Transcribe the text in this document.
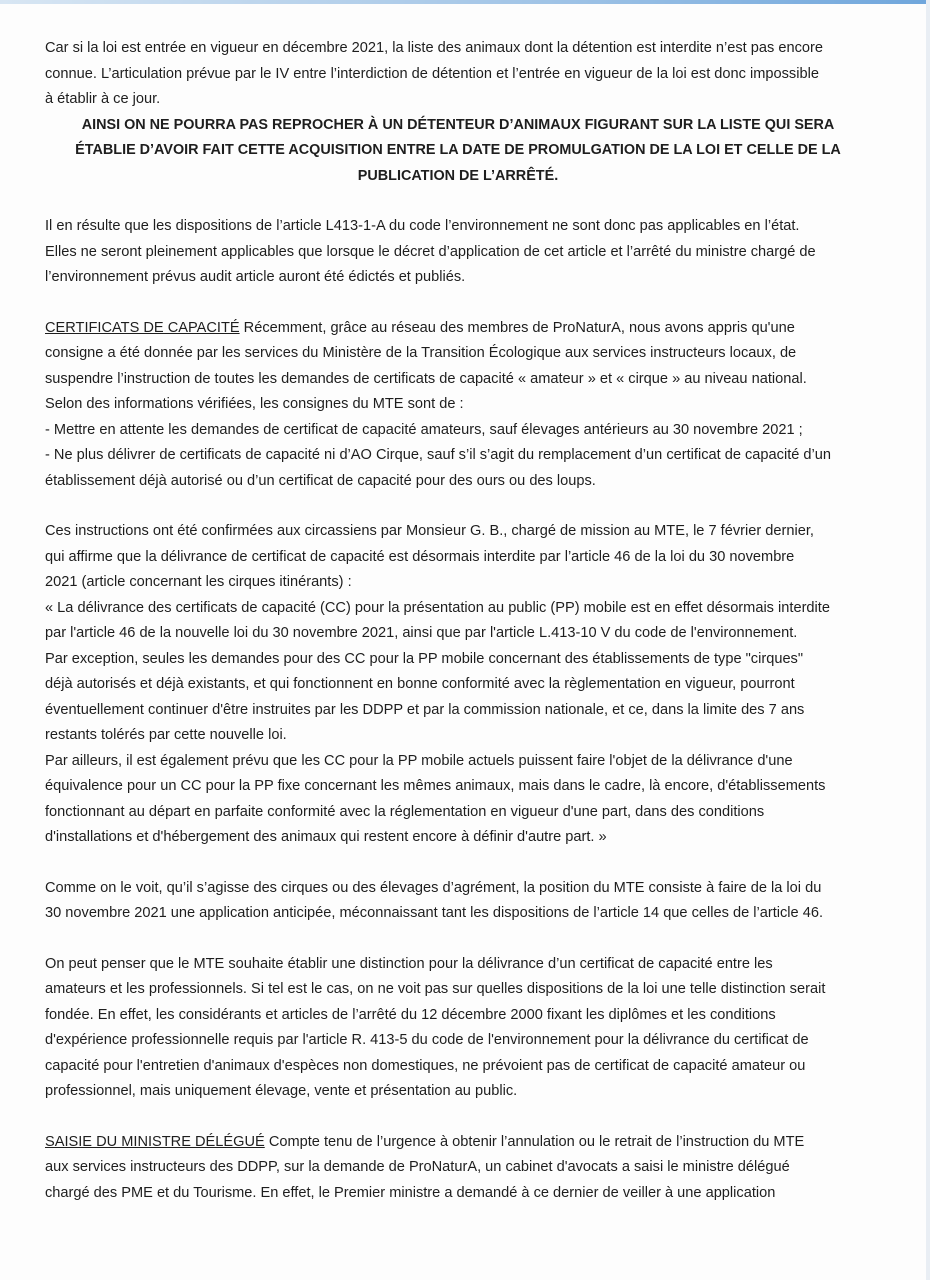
Car si la loi est entrée en vigueur en décembre 2021, la liste des animaux dont la détention est interdite n’est pas encore
connue. L’articulation prévue par le IV entre l’interdiction de détention et l’entrée en vigueur de la loi est donc impossible
à établir à ce jour.

AINSI ON NE POURRA PAS REPROCHER À UN DÉTENTEUR D’ANIMAUX FIGURANT SUR LA LISTE QUI SERA
ÉTABLIE D’AVOIR FAIT CETTE ACQUISITION ENTRE LA DATE DE PROMULGATION DE LA LOI ET CELLE DE LA
PUBLICATION DE L’ARRÊTÉ.

Il en résulte que les dispositions de l’article L413-1-A du code l’environnement ne sont donc pas applicables en l’état.
Elles ne seront pleinement applicables que lorsque le décret d’application de cet article et l’arrêté du ministre chargé de
l’environnement prévus audit article auront été édictés et publiés.

CERTIFICATS DE CAPACITÉ Récemment, grâce au réseau des membres de ProNaturA, nous avons appris qu'une
consigne a été donnée par les services du Ministère de la Transition Écologique aux services instructeurs locaux, de
suspendre l’instruction de toutes les demandes de certificats de capacité « amateur » et « cirque » au niveau national.
Selon des informations vérifiées, les consignes du MTE sont de :
- Mettre en attente les demandes de certificat de capacité amateurs, sauf élevages antérieurs au 30 novembre 2021 ;
- Ne plus délivrer de certificats de capacité ni d’AO Cirque, sauf s’il s’agit du remplacement d’un certificat de capacité d’un
établissement déjà autorisé ou d’un certificat de capacité pour des ours ou des loups.

Ces instructions ont été confirmées aux circassiens par Monsieur G. B., chargé de mission au MTE, le 7 février dernier,
qui affirme que la délivrance de certificat de capacité est désormais interdite par l’article 46 de la loi du 30 novembre
2021 (article concernant les cirques itinérants) :
« La délivrance des certificats de capacité (CC) pour la présentation au public (PP) mobile est en effet désormais interdite
par l'article 46 de la nouvelle loi du 30 novembre 2021, ainsi que par l'article L.413-10 V du code de l'environnement.
Par exception, seules les demandes pour des CC pour la PP mobile concernant des établissements de type "cirques"
déjà autorisés et déjà existants, et qui fonctionnent en bonne conformité avec la règlementation en vigueur, pourront
éventuellement continuer d'être instruites par les DDPP et par la commission nationale, et ce, dans la limite des 7 ans
restants tolérés par cette nouvelle loi.
Par ailleurs, il est également prévu que les CC pour la PP mobile actuels puissent faire l'objet de la délivrance d'une
équivalence pour un CC pour la PP fixe concernant les mêmes animaux, mais dans le cadre, là encore, d'établissements
fonctionnant au départ en parfaite conformité avec la réglementation en vigueur d'une part, dans des conditions
d'installations et d'hébergement des animaux qui restent encore à définir d'autre part. »

Comme on le voit, qu’il s’agisse des cirques ou des élevages d’agrément, la position du MTE consiste à faire de la loi du
30 novembre 2021 une application anticipée, méconnaissant tant les dispositions de l’article 14 que celles de l’article 46.

On peut penser que le MTE souhaite établir une distinction pour la délivrance d’un certificat de capacité entre les
amateurs et les professionnels. Si tel est le cas, on ne voit pas sur quelles dispositions de la loi une telle distinction serait
fondée. En effet, les considérants et articles de l’arrêté du 12 décembre 2000 fixant les diplômes et les conditions
d'expérience professionnelle requis par l'article R. 413-5 du code de l'environnement pour la délivrance du certificat de
capacité pour l'entretien d'animaux d'espèces non domestiques, ne prévoient pas de certificat de capacité amateur ou
professionnel, mais uniquement élevage, vente et présentation au public.

SAISIE DU MINISTRE DÉLÉGUÉ Compte tenu de l’urgence à obtenir l’annulation ou le retrait de l’instruction du MTE
aux services instructeurs des DDPP, sur la demande de ProNaturA, un cabinet d'avocats a saisi le ministre délégué
chargé des PME et du Tourisme. En effet, le Premier ministre a demandé à ce dernier de veiller à une application
